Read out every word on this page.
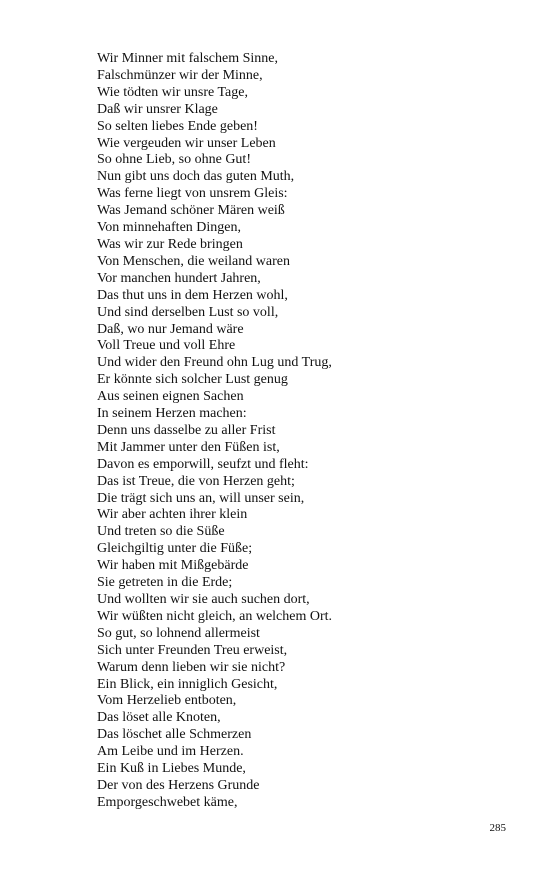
Wir Minner mit falschem Sinne,
Falschmünzer wir der Minne,
Wie tödten wir unsre Tage,
Daß wir unsrer Klage
So selten liebes Ende geben!
Wie vergeuden wir unser Leben
So ohne Lieb, so ohne Gut!
Nun gibt uns doch das guten Muth,
Was ferne liegt von unsrem Gleis:
Was Jemand schöner Mären weiß
Von minnehaften Dingen,
Was wir zur Rede bringen
Von Menschen, die weiland waren
Vor manchen hundert Jahren,
Das thut uns in dem Herzen wohl,
Und sind derselben Lust so voll,
Daß, wo nur Jemand wäre
Voll Treue und voll Ehre
Und wider den Freund ohn Lug und Trug,
Er könnte sich solcher Lust genug
Aus seinen eignen Sachen
In seinem Herzen machen:
Denn uns dasselbe zu aller Frist
Mit Jammer unter den Füßen ist,
Davon es emporwill, seufzt und fleht:
Das ist Treue, die von Herzen geht;
Die trägt sich uns an, will unser sein,
Wir aber achten ihrer klein
Und treten so die Süße
Gleichgiltig unter die Füße;
Wir haben mit Mißgebärde
Sie getreten in die Erde;
Und wollten wir sie auch suchen dort,
Wir wüßten nicht gleich, an welchem Ort.
So gut, so lohnend allermeist
Sich unter Freunden Treu erweist,
Warum denn lieben wir sie nicht?
Ein Blick, ein inniglich Gesicht,
Vom Herzelieb entboten,
Das löset alle Knoten,
Das löschet alle Schmerzen
Am Leibe und im Herzen.
Ein Kuß in Liebes Munde,
Der von des Herzens Grunde
Emporgeschwebet käme,
285
